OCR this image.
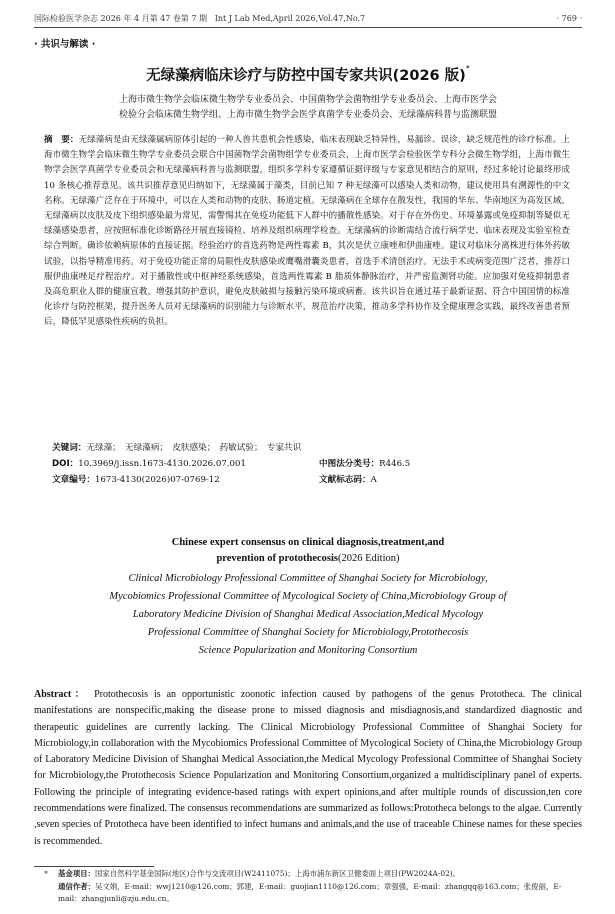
国际检验医学杂志 2026 年 4 月第 47 卷第 7 期 Int J Lab Med,April 2026,Vol.47,No.7	· 769 ·
· 共识与解读 ·
无绿藻病临床诊疗与防控中国专家共识(2026 版)*
上海市微生物学会临床微生物学专业委员会、中国菌物学会菌物组学专业委员会、上海市医学会
检验分会临床微生物学组、上海市微生物学会医学真菌学专业委员会、无绿藻病科普与监测联盟
摘　要：无绿藻病是由无绿藻属病原体引起的一种人兽共患机会性感染，临床表现缺乏特异性，易漏诊、误诊，缺乏规范性的诊疗标准。上海市微生物学会临床微生物学专业委员会联合中国菌物学会菌物组学专业委员会，上海市医学会检验医学专科分会微生物学组，上海市微生物学会医学真菌学专业委员会和无绿藻病科普与监测联盟，组织多学科专家遵循证据评级与专家意见相结合的原则，经过多轮讨论最终形成 10 条核心推荐意见。该共识推荐意见归纳如下，无绿藻属于藻类，目前已知 7 种无绿藻可以感染人类和动物，建议使用具有溯源性的中文名称。无绿藻广泛存在于环境中，可以在人类和动物的皮肤、肠道定植。无绿藻病在全球存在散发性，我国的华东、华南地区为高发区域。无绿藻病以皮肤及皮下组织感染最为常见，需警惕其在免疫功能低下人群中的播散性感染。对于存在外伤史、环境暴露或免疫抑制等疑似无绿藻感染患者，应按照标准化诊断路径开展直接镜检、培养及组织病理学检查。无绿藻病的诊断需结合流行病学史、临床表现及实验室检查综合判断。确诊依赖病原体的直接证据。经验治疗的首选药物是两性霉素 B，其次是伏立康唑和伊曲康唑。建议对临床分离株进行体外药敏试验，以指导精准用药。对于免疫功能正常的局限性皮肤感染或鹰嘴滑囊炎患者，首选手术清创治疗。无法手术或病变范围广泛者，推荐口服伊曲康唑足疗程治疗。对于播散性或中枢神经系统感染，首选两性霉素 B 脂质体静脉治疗，并严密监测肾功能。应加强对免疫抑制患者及高危职业人群的健康宣教，增强其防护意识，避免皮肤破损与接触污染环境或病畜。该共识旨在通过基于最新证据、符合中国国情的标准化诊疗与防控框架，提升医务人员对无绿藻病的识别能力与诊断水平，规范治疗决策，推动多学科协作及全健康理念实践，最终改善患者预后，降低罕见感染性疾病的负担。
关键词：无绿藻；　无绿藻病；　皮肤感染；　药敏试验；　专家共识
DOI：10.3969/j.issn.1673-4130.2026.07.001	中图法分类号：R446.5
文章编号：1673-4130(2026)07-0769-12	文献标志码：A
Chinese expert consensus on clinical diagnosis,treatment,and
prevention of protothecosis(2026 Edition)
Clinical Microbiology Professional Committee of Shanghai Society for Microbiology,
Mycobiomics Professional Committee of Mycological Society of China,Microbiology Group of
Laboratory Medicine Division of Shanghai Medical Association,Medical Mycology
Professional Committee of Shanghai Society for Microbiology,Protothecosis
Science Popularization and Monitoring Consortium
Abstract： Protothecosis is an opportunistic zoonotic infection caused by pathogens of the genus Prototheca. The clinical manifestations are nonspecific,making the disease prone to missed diagnosis and misdiagnosis,and standardized diagnostic and therapeutic guidelines are currently lacking. The Clinical Microbiology Professional Committee of Shanghai Society for Microbiology,in collaboration with the Mycobiomics Professional Committee of Mycological Society of China,the Microbiology Group of Laboratory Medicine Division of Shanghai Medical Association,the Medical Mycology Professional Committee of Shanghai Society for Microbiology,the Protothecosis Science Popularization and Monitoring Consortium,organized a multidisciplinary panel of experts. Following the principle of integrating evidence-based ratings with expert opinions,and after multiple rounds of discussion,ten core recommendations were finalized. The consensus recommendations are summarized as follows:Prototheca belongs to the algae. Currently ,seven species of Prototheca have been identified to infect humans and animals,and the use of traceable Chinese names for these species is recommended.
* 基金项目：国家自然科学基金国际(地区)合作与交流项目(W2411075)；上海市浦东新区卫健委面上项目(PW2024A-02)。
通信作者：吴文娟，E-mail：wwj1210@126.com；郭建，E-mail：guojian1110@126.com；章强强，E-mail：zhangqq@163.com；张俊丽，E-mail：zhangjunli@zju.edu.cn。
